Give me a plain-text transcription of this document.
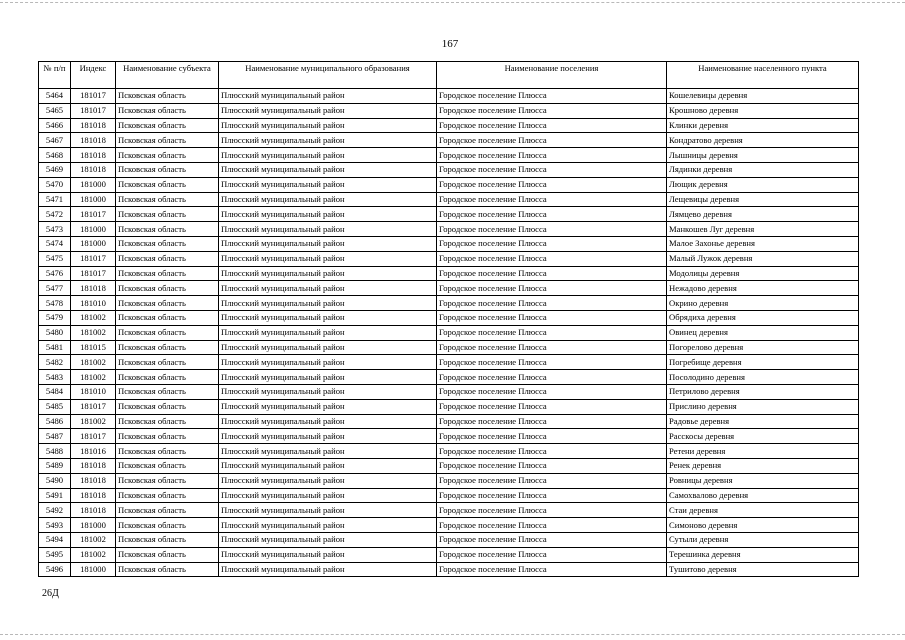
167
№ п/п	Индекс	Наименование субъекта	Наименование муниципального образования	Наименование поселения	Наименование населенного пункта
5464	181017	Псковская область	Плюсский муниципальный район	Городское поселение Плюсса	Кошелевицы деревня
5465	181017	Псковская область	Плюсский муниципальный район	Городское поселение Плюсса	Крошново деревня
5466	181018	Псковская область	Плюсский муниципальный район	Городское поселение Плюсса	Клинки деревня
5467	181018	Псковская область	Плюсский муниципальный район	Городское поселение Плюсса	Кондратово деревня
5468	181018	Псковская область	Плюсский муниципальный район	Городское поселение Плюсса	Лышницы деревня
5469	181018	Псковская область	Плюсский муниципальный район	Городское поселение Плюсса	Лядинки деревня
5470	181000	Псковская область	Плюсский муниципальный район	Городское поселение Плюсса	Лющик деревня
5471	181000	Псковская область	Плюсский муниципальный район	Городское поселение Плюсса	Лещевицы деревня
5472	181017	Псковская область	Плюсский муниципальный район	Городское поселение Плюсса	Лямцево деревня
5473	181000	Псковская область	Плюсский муниципальный район	Городское поселение Плюсса	Манкошев Луг деревня
5474	181000	Псковская область	Плюсский муниципальный район	Городское поселение Плюсса	Малое Захонье деревня
5475	181017	Псковская область	Плюсский муниципальный район	Городское поселение Плюсса	Малый Лужок деревня
5476	181017	Псковская область	Плюсский муниципальный район	Городское поселение Плюсса	Модолицы деревня
5477	181018	Псковская область	Плюсский муниципальный район	Городское поселение Плюсса	Нежадово деревня
5478	181010	Псковская область	Плюсский муниципальный район	Городское поселение Плюсса	Окрино деревня
5479	181002	Псковская область	Плюсский муниципальный район	Городское поселение Плюсса	Обрядиха деревня
5480	181002	Псковская область	Плюсский муниципальный район	Городское поселение Плюсса	Овинец деревня
5481	181015	Псковская область	Плюсский муниципальный район	Городское поселение Плюсса	Погорелово деревня
5482	181002	Псковская область	Плюсский муниципальный район	Городское поселение Плюсса	Погребище деревня
5483	181002	Псковская область	Плюсский муниципальный район	Городское поселение Плюсса	Посолодино деревня
5484	181010	Псковская область	Плюсский муниципальный район	Городское поселение Плюсса	Петрилово деревня
5485	181017	Псковская область	Плюсский муниципальный район	Городское поселение Плюсса	Прислино деревня
5486	181002	Псковская область	Плюсский муниципальный район	Городское поселение Плюсса	Радовье деревня
5487	181017	Псковская область	Плюсский муниципальный район	Городское поселение Плюсса	Расскосы деревня
5488	181016	Псковская область	Плюсский муниципальный район	Городское поселение Плюсса	Ретени деревня
5489	181018	Псковская область	Плюсский муниципальный район	Городское поселение Плюсса	Ренек деревня
5490	181018	Псковская область	Плюсский муниципальный район	Городское поселение Плюсса	Ровницы деревня
5491	181018	Псковская область	Плюсский муниципальный район	Городское поселение Плюсса	Самохвалово деревня
5492	181018	Псковская область	Плюсский муниципальный район	Городское поселение Плюсса	Стаи деревня
5493	181000	Псковская область	Плюсский муниципальный район	Городское поселение Плюсса	Симоново деревня
5494	181002	Псковская область	Плюсский муниципальный район	Городское поселение Плюсса	Сутыли деревня
5495	181002	Псковская область	Плюсский муниципальный район	Городское поселение Плюсса	Терешинка деревня
5496	181000	Псковская область	Плюсский муниципальный район	Городское поселение Плюсса	Тушитово деревня
26Д
